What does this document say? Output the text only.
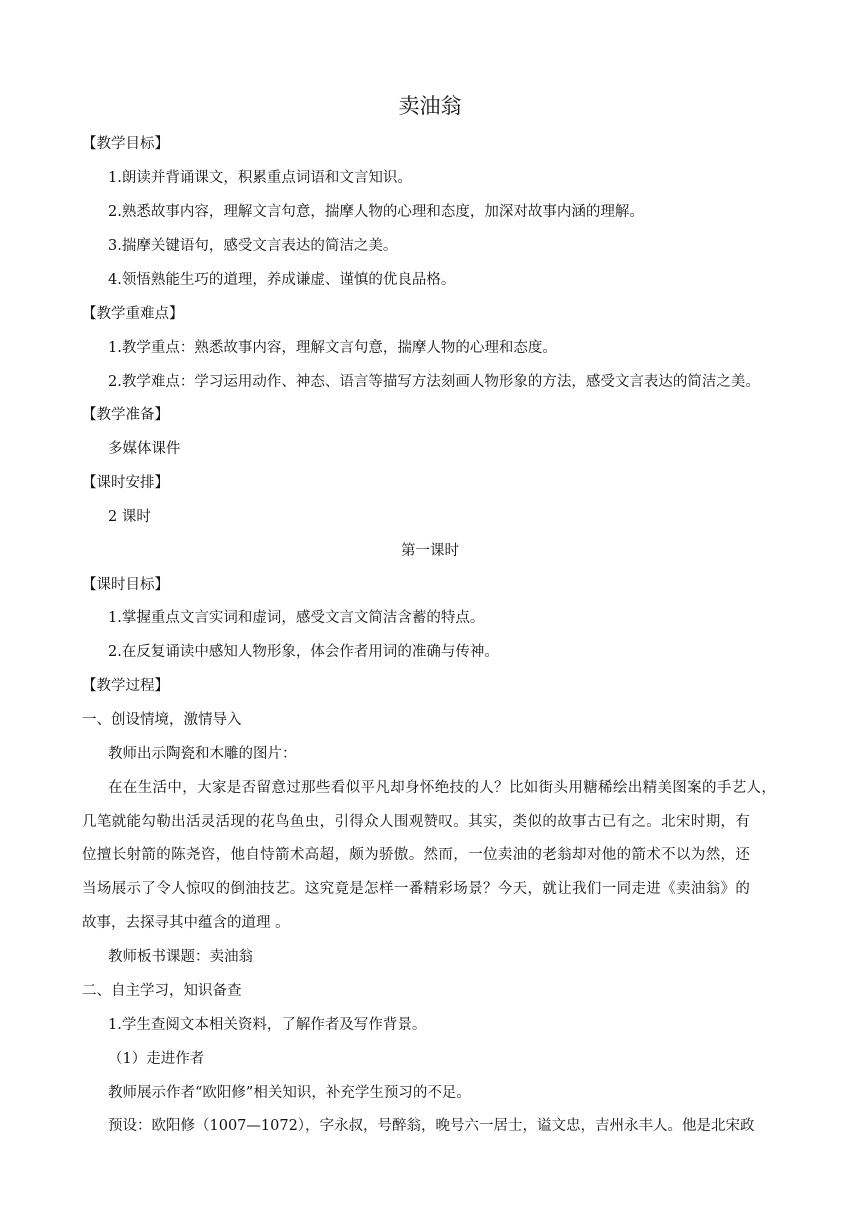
卖油翁
【教学目标】
1.朗读并背诵课文，积累重点词语和文言知识。
2.熟悉故事内容，理解文言句意，揣摩人物的心理和态度，加深对故事内涵的理解。
3.揣摩关键语句，感受文言表达的简洁之美。
4.领悟熟能生巧的道理，养成谦虚、谨慎的优良品格。
【教学重难点】
1.教学重点：熟悉故事内容，理解文言句意，揣摩人物的心理和态度。
2.教学难点：学习运用动作、神态、语言等描写方法刻画人物形象的方法，感受文言表达的简洁之美。
【教学准备】
多媒体课件
【课时安排】
2 课时
第一课时
【课时目标】
1.掌握重点文言实词和虚词，感受文言文简洁含蓄的特点。
2.在反复诵读中感知人物形象，体会作者用词的准确与传神。
【教学过程】
一、创设情境，激情导入
教师出示陶瓷和木雕的图片：
在在生活中，大家是否留意过那些看似平凡却身怀绝技的人？比如街头用糖稀绘出精美图案的手艺人，
几笔就能勾勒出活灵活现的花鸟鱼虫，引得众人围观赞叹。其实，类似的故事古已有之。北宋时期，有
位擅长射箭的陈尧咨，他自恃箭术高超，颇为骄傲。然而，一位卖油的老翁却对他的箭术不以为然，还
当场展示了令人惊叹的倒油技艺。这究竟是怎样一番精彩场景？今天，就让我们一同走进《卖油翁》的
故事，去探寻其中蕴含的道理 。
教师板书课题：卖油翁
二、自主学习，知识备查
1.学生查阅文本相关资料，了解作者及写作背景。
（1）走进作者
教师展示作者“欧阳修”相关知识，补充学生预习的不足。
预设：欧阳修（1007—1072），字永叔，号醉翁，晚号六一居士，谥文忠，吉州永丰人。他是北宋政
